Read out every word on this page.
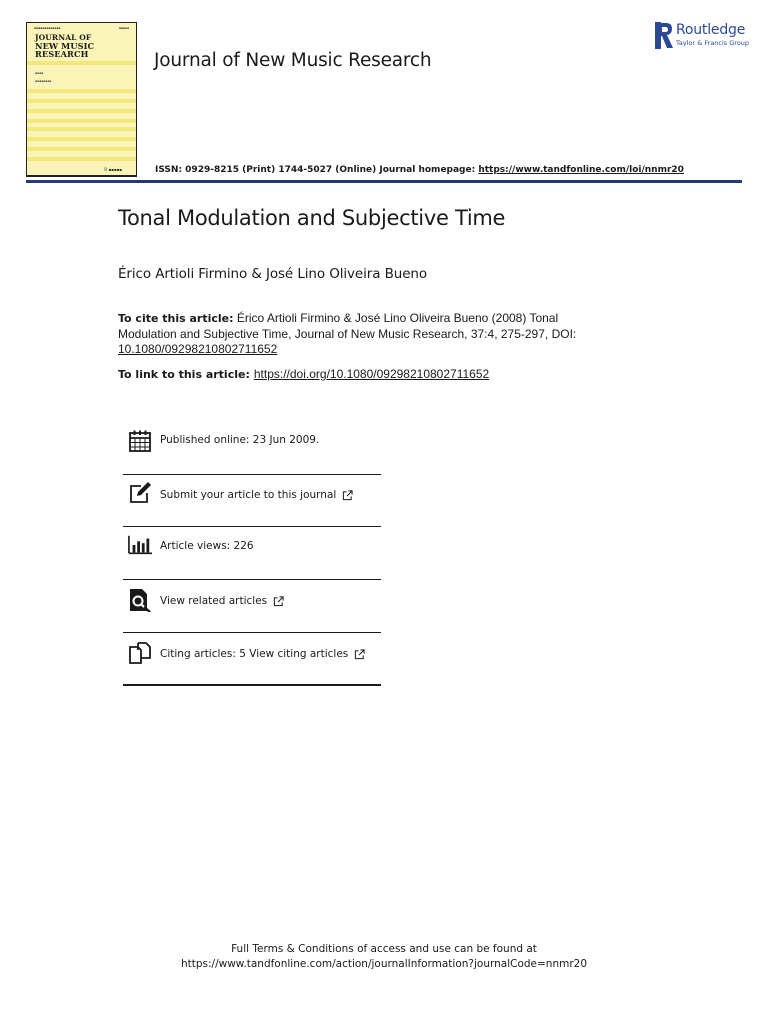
▪▪▪▪▪▪▪▪▪▪▪▪▪	▪▪▪▪▪
JOURNAL OF
NEW MUSIC RESEARCH
▪▪▪▪
▪▪▪▪▪▪▪▪
Ɍ ▪▪▪▪▪
Journal of New Music Research
ISSN: 0929-8215 (Print) 1744-5027 (Online) Journal homepage: https://www.tandfonline.com/loi/nnmr20
Routledge
Taylor & Francis Group
Tonal Modulation and Subjective Time
Érico Artioli Firmino & José Lino Oliveira Bueno
To cite this article: Érico Artioli Firmino & José Lino Oliveira Bueno (2008) Tonal Modulation and Subjective Time, Journal of New Music Research, 37:4, 275-297, DOI: 10.1080/09298210802711652
To link to this article: https://doi.org/10.1080/09298210802711652
Published online: 23 Jun 2009.
Submit your article to this journal
Article views: 226
View related articles
Citing articles: 5 View citing articles
Full Terms & Conditions of access and use can be found at
https://www.tandfonline.com/action/journalInformation?journalCode=nnmr20
